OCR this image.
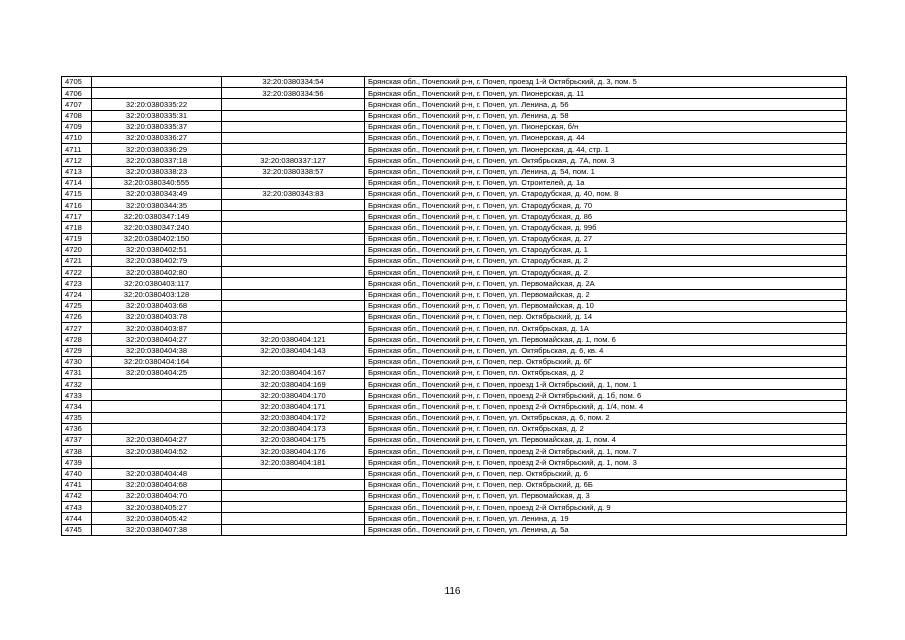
4705		32:20:0380334:54	Брянская обл., Почепский р-н, г. Почеп, проезд 1-й Октябрьский, д. 3, пом. 5
4706		32:20:0380334:56	Брянская обл., Почепский р-н, г. Почеп, ул. Пионерская, д. 11
4707	32:20:0380335:22		Брянская обл., Почепский р-н, г. Почеп, ул. Ленина, д. 56
4708	32:20:0380335:31		Брянская обл., Почепский р-н, г. Почеп, ул. Ленина, д. 58
4709	32:20:0380335:37		Брянская обл., Почепский р-н, г. Почеп, ул. Пионерская, б/н
4710	32:20:0380336:27		Брянская обл., Почепский р-н, г. Почеп, ул. Пионерская, д. 44
4711	32:20:0380336:29		Брянская обл., Почепский р-н, г. Почеп, ул. Пионерская, д. 44, стр. 1
4712	32:20:0380337:18	32:20:0380337:127	Брянская обл., Почепский р-н, г. Почеп, ул. Октябрьская, д. 7А, пом. 3
4713	32:20:0380338:23	32:20:0380338:57	Брянская обл., Почепский р-н, г. Почеп, ул. Ленина, д. 54, пом. 1
4714	32:20:0380340:555		Брянская обл., Почепский р-н, г. Почеп, ул. Строителей, д. 1а
4715	32:20:0380343:49	32:20:0380343:83	Брянская обл., Почепский р-н, г. Почеп, ул. Стародубская, д. 40, пом. 8
4716	32:20:0380344:35		Брянская обл., Почепский р-н, г. Почеп, ул. Стародубская, д. 70
4717	32:20:0380347:149		Брянская обл., Почепский р-н, г. Почеп, ул. Стародубская, д. 86
4718	32:20:0380347:240		Брянская обл., Почепский р-н, г. Почеп, ул. Стародубская, д. 99б
4719	32:20:0380402:150		Брянская обл., Почепский р-н, г. Почеп, ул. Стародубская, д. 27
4720	32:20:0380402:51		Брянская обл., Почепский р-н, г. Почеп, ул. Стародубская, д. 1
4721	32:20:0380402:79		Брянская обл., Почепский р-н, г. Почеп, ул. Стародубская, д. 2
4722	32:20:0380402:80		Брянская обл., Почепский р-н, г. Почеп, ул. Стародубская, д. 2
4723	32:20:0380403:117		Брянская обл., Почепский р-н, г. Почеп, ул. Первомайская, д. 2А
4724	32:20:0380403:128		Брянская обл., Почепский р-н, г. Почеп, ул. Первомайская, д. 2
4725	32:20:0380403:68		Брянская обл., Почепский р-н, г. Почеп, ул. Первомайская, д. 10
4726	32:20:0380403:78		Брянская обл., Почепский р-н, г. Почеп, пер. Октябрьский, д. 14
4727	32:20:0380403:87		Брянская обл., Почепский р-н, г. Почеп, пл. Октябрьская, д. 1А
4728	32:20:0380404:27	32:20:0380404:121	Брянская обл., Почепский р-н, г. Почеп, ул. Первомайская, д. 1, пом. 6
4729	32:20:0380404:38	32:20:0380404:143	Брянская обл., Почепский р-н, г. Почеп, ул. Октябрьская, д. 6, кв. 4
4730	32:20:0380404:164		Брянская обл., Почепский р-н, г. Почеп, пер. Октябрьский, д. 6Г
4731	32:20:0380404:25	32:20:0380404:167	Брянская обл., Почепский р-н, г. Почеп, пл. Октябрьская, д. 2
4732		32:20:0380404:169	Брянская обл., Почепский р-н, г. Почеп, проезд 1-й Октябрьский, д. 1, пом. 1
4733		32:20:0380404:170	Брянская обл., Почепский р-н, г. Почеп, проезд 2-й Октябрьский, д. 1б, пом. 6
4734		32:20:0380404:171	Брянская обл., Почепский р-н, г. Почеп, проезд 2-й Октябрьский, д. 1/4, пом. 4
4735		32:20:0380404:172	Брянская обл., Почепский р-н, г. Почеп, ул. Октябрьская, д. 6, пом. 2
4736		32:20:0380404:173	Брянская обл., Почепский р-н, г. Почеп, пл. Октябрьская, д. 2
4737	32:20:0380404:27	32:20:0380404:175	Брянская обл., Почепский р-н, г. Почеп, ул. Первомайская, д. 1, пом. 4
4738	32:20:0380404:52	32:20:0380404:176	Брянская обл., Почепский р-н, г. Почеп, проезд 2-й Октябрьский, д. 1, пом. 7
4739		32:20:0380404:181	Брянская обл., Почепский р-н, г. Почеп, проезд 2-й Октябрьский, д. 1, пом. 3
4740	32:20:0380404:48		Брянская обл., Почепский р-н, г. Почеп, пер. Октябрьский, д. 6
4741	32:20:0380404:68		Брянская обл., Почепский р-н, г. Почеп, пер. Октябрьский, д. 6Б
4742	32:20:0380404:70		Брянская обл., Почепский р-н, г. Почеп, ул. Первомайская, д. 3
4743	32:20:0380405:27		Брянская обл., Почепский р-н, г. Почеп, проезд 2-й Октябрьский, д. 9
4744	32:20:0380405:42		Брянская обл., Почепский р-н, г. Почеп, ул. Ленина, д. 19
4745	32:20:0380407:38		Брянская обл., Почепский р-н, г. Почеп, ул. Ленина, д. 5а
116
